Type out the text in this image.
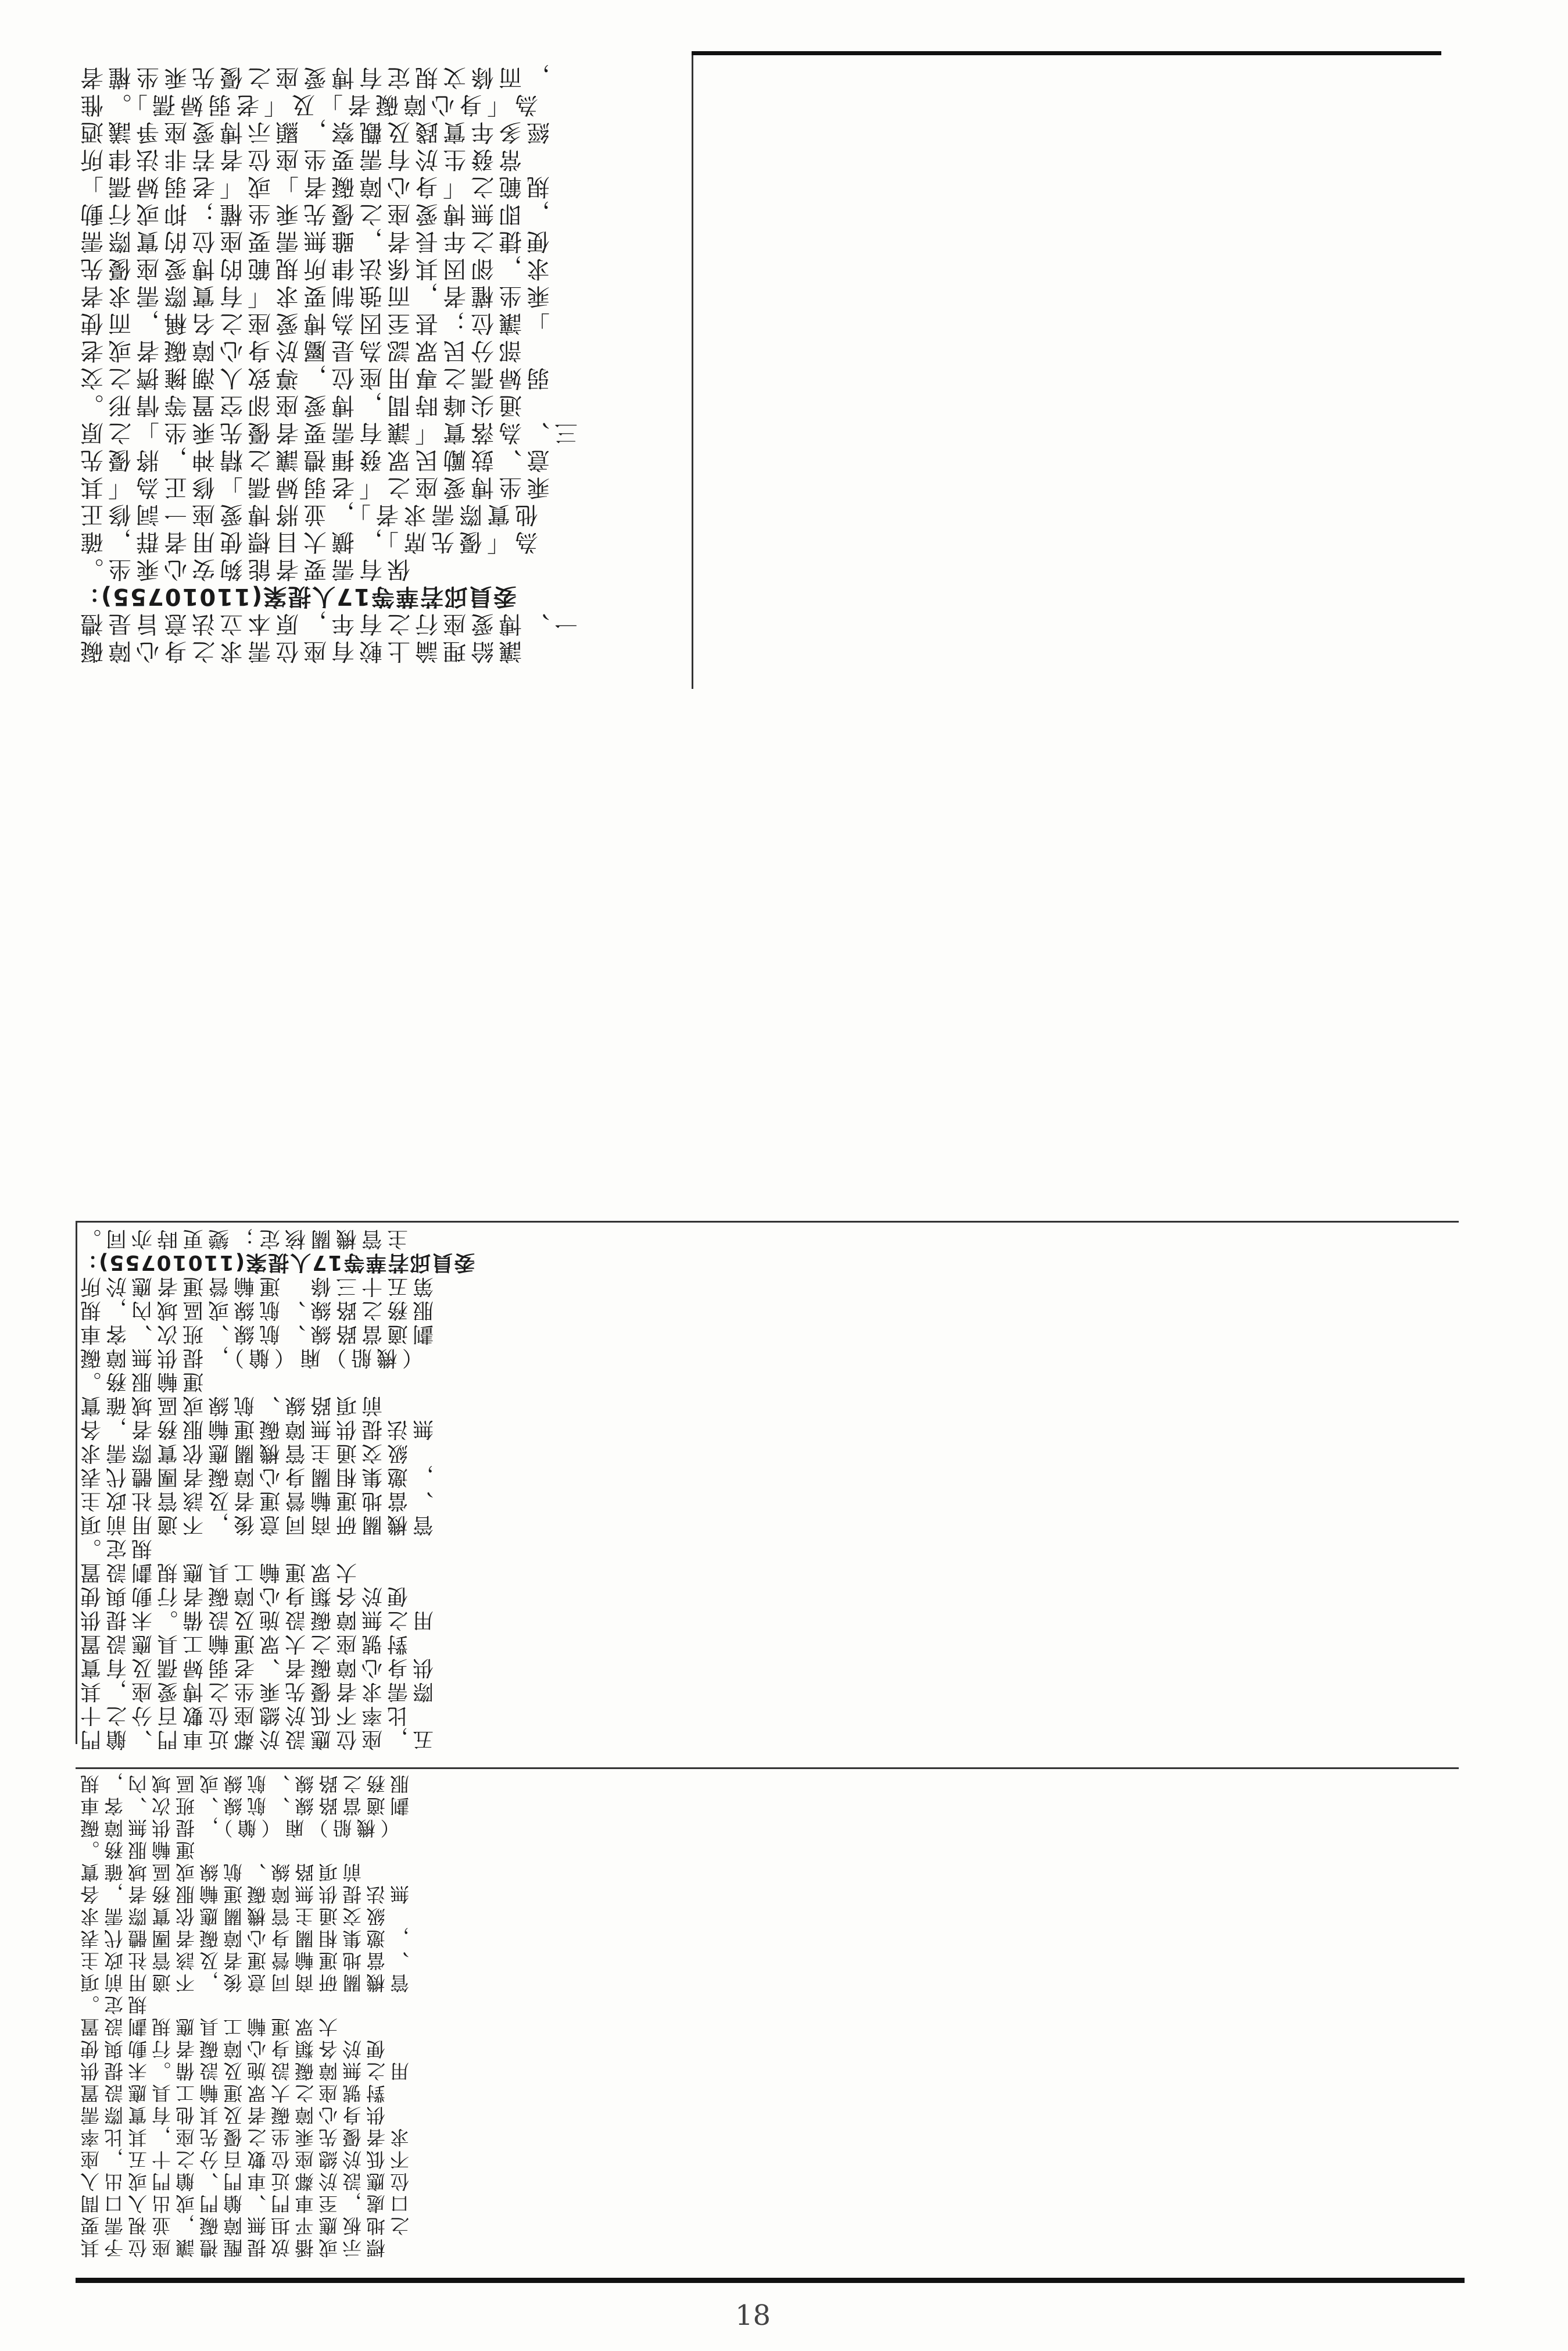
，而條文規定有博愛座之優先乘坐權者
為「身心障礙者」及「老弱婦孺」。惟
經多年實踐及觀察，顯示博愛座爭議迺
常發生於有需要坐座位者若非法律所
規範之「身心障礙者」或「老弱婦孺」
，即無博愛座之優先乘坐權；抑或行動
便捷之年長者，雖無需要座位的實際需
求，卻因其係法律所規範的博愛座優先
乘坐權者，而強制要求「有實際需求者
」讓位；甚至因為博愛座之名稱，而使
部分民眾認為是屬於身心障礙者或老
弱婦孺之專用座位，導致人潮擁擠之交
通尖峰時間，博愛座卻空置等情形。
三、為落實「讓有需要者優先乘坐」之原
意、鼓勵民眾發揮禮讓之精神，將優先
乘坐博愛座之「老弱婦孺」修正為「其
他實際需求者」，並將博愛座一詞修正
為「優先席」，擴大目標使用者群，確
保有需要者能夠安心乘坐。
委員邱若華等17人提案(11010755)：
一、博愛座行之有年，原本立法意旨是禮
讓給理論上較有座位需求之身心障礙
主管機關核定；變更時亦同。
委員邱若華等17人提案(11010755)：
第五十三條　運輸營運者應於所
服務之路線、航線或區域內，規
劃適當路線、航線、班次、客車
（機船）廂（艙），提供無障礙
運輸服務。
　　前項路線、航線或區域確實
無法提供無障礙運輸服務者，各
級交通主管機關應依實際需求
，邀集相關身心障礙者團體代表
、當地運輸營運者及該管社政主
管機關研商同意後，不適用前項
規定。
　　大眾運輸工具應規劃設置
便於各類身心障礙者行動與使
用之無障礙設施及設備。未提供
對號座之大眾運輸工具應設置
供身心障礙者、老弱婦孺及有實
際需求者優先乘坐之博愛座，其
比率不低於總座位數百分之十
五，座位應設於鄰近車門、艙門
服務之路線、航線或區域內，規
劃適當路線、航線、班次、客車
（機船）廂（艙），提供無障礙
運輸服務。
　　前項路線、航線或區域確實
無法提供無障礙運輸服務者，各
級交通主管機關應依實際需求
，邀集相關身心障礙者團體代表
、當地運輸營運者及該管社政主
管機關研商同意後，不適用前項
規定。
　　大眾運輸工具應規劃設置
便於各類身心障礙者行動與使
用之無障礙設施及設備。未提供
對號座之大眾運輸工具應設置
供身心障礙者及其他有實際需
求者優先乘坐之優先座，其比率
不低於總座位數百分之十五，座
位應設於鄰近車門、艙門或出入
口處，至車門、艙門或出入口間
之地板應平坦無障礙，並視需要
標示或播放提醒禮讓座位予其
18
